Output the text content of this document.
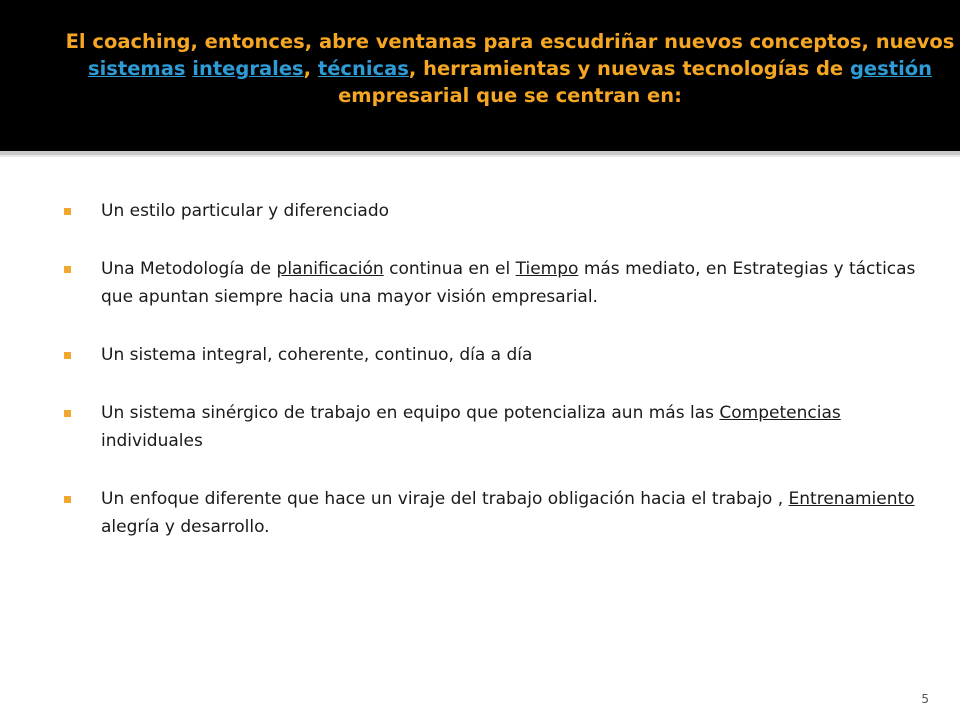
El coaching, entonces, abre ventanas para escudriñar nuevos conceptos, nuevos sistemas integrales, técnicas, herramientas y nuevas tecnologías de gestión empresarial que se centran en:

Un estilo particular y diferenciado
Una Metodología de planificación continua en el Tiempo más mediato, en Estrategias y tácticas que apuntan siempre hacia una mayor visión empresarial.
Un sistema integral, coherente, continuo, día a día
Un sistema sinérgico de trabajo en equipo que potencializa aun más las Competencias individuales
Un enfoque diferente que hace un viraje del trabajo obligación hacia el trabajo , Entrenamiento alegría y desarrollo.
5
